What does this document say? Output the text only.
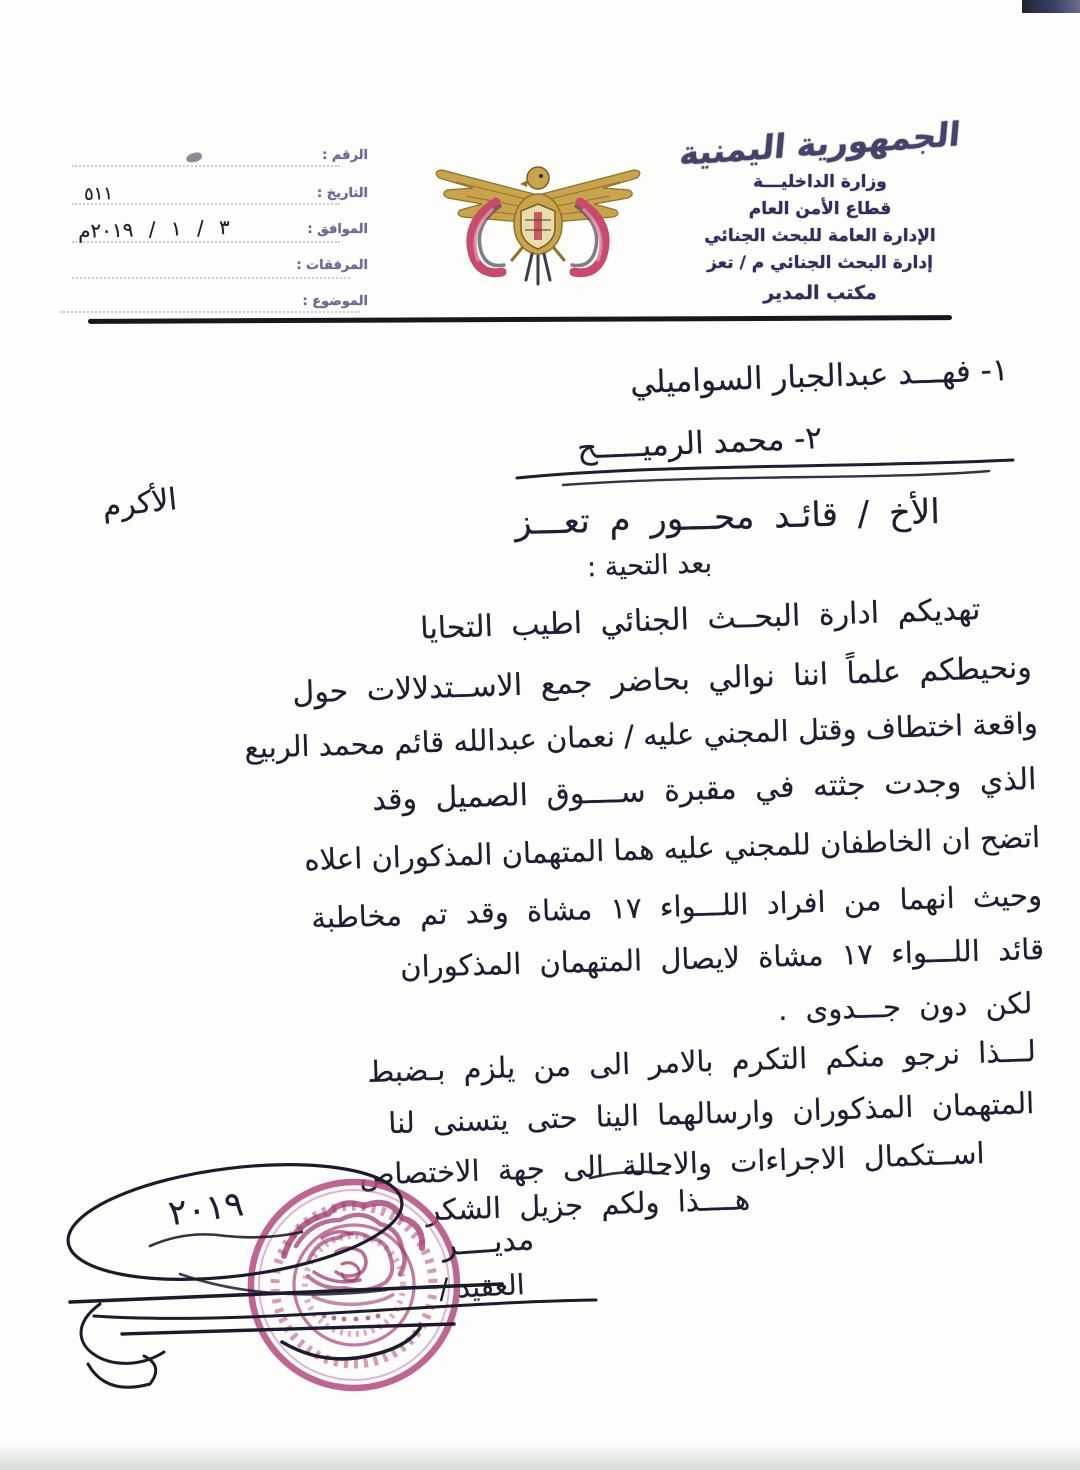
الرقم :
التاريخ :
الموافق :
المرفقات :
الموضوع :
٥١١
٣ / ١ / ٢٠١٩م
الجمهورية اليمنية
وزارة الداخليـــة
قطاع الأمن العام
الإدارة العامة للبحث الجنائي
إدارة البحث الجنائي م / تعز
مكتب المدير
١- فهـــد عبدالجبار السواميلي
٢- محمد الرميـــــح
الأخ / قائـد محـــور م تعـــز
الأكرم
بعد التحية :
تهديكم ادارة البحــث الجنائي اطيب التحايا
ونحيطكم علماً اننا نوالي بحاضر جمع الاســتدلالات حول
واقعة اختطاف وقتل المجني عليه / نعمان عبدالله قائم محمد الربيع
الذي وجدت جثته في مقبرة ســــوق الصميل وقد
اتضح ان الخاطفان للمجني عليه هما المتهمان المذكوران اعلاه
وحيث انهما من افراد اللـــواء ١٧ مشاة وقد تم مخاطبة
قائد اللـــواء ١٧ مشاة لايصال المتهمان المذكوران
لكن دون جـــدوى .
لـــذا نرجو منكم التكرم بالامر الى من يلزم بـضبط
المتهمان المذكوران وارسالهما الينا حتى يتسنى لنا
اســتكمال الاجراءات والاحالة الى جهة الاختصاص
هــــذا ولكم جزيل الشكر
٢٠١٩
مديــــر
العقيد /
